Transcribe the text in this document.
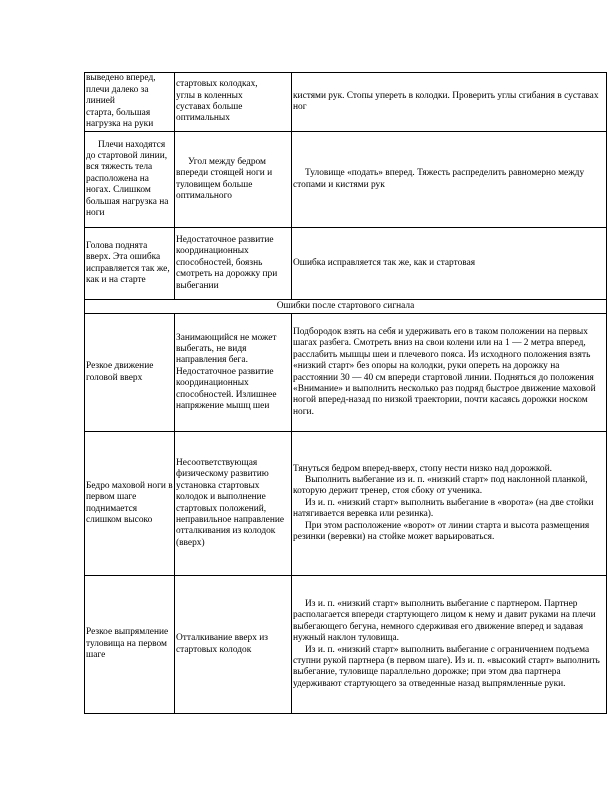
выведено вперед,
плечи далеко за
линией
старта, большая
нагрузка на руки	стартовых колодках,
углы в коленных
суставах больше
оптимальных	кистями рук. Стопы упереть в колодки. Проверить углы сгибания в суставах ног

Плечи находятся до стартовой линии, вся тяжесть тела расположена на ногах. Слишком большая нагрузка на ноги	Угол между бедром впереди стоящей ноги и туловищем больше оптимального	Туловище «подать» вперед. Тяжесть распределить равномерно между стопами и кистями рук

Голова поднята вверх. Эта ошибка исправляется так же, как и на старте	Недостаточное развитие координационных способностей, боязнь смотреть на дорожку при выбегании	Ошибка исправляется так же, как и стартовая

Ошибки после стартового сигнала		

Резкое движение головой вверх	Занимающийся не может выбегать, не видя направления бега. Недостаточное развитие координационных способностей. Излишнее напряжение мышц шеи	Подбородок взять на себя и удерживать его в таком положении на первых шагах разбега. Смотреть вниз на свои колени или на 1 — 2 метра вперед, расслабить мышцы шеи и плечевого пояса. Из исходного положения взять «низкий старт» без опоры на колодки, руки опереть на дорожку на расстоянии 30 — 40 см впереди стартовой линии. Подняться до положения «Внимание» и выполнить несколько раз подряд быстрое движение маховой ногой вперед-назад по низкой траектории, почти касаясь дорожки носком ноги.

Бедро маховой ноги в первом шаге поднимается слишком высоко	Несоответствующая физическому развитию установка стартовых колодок и выполнение стартовых положений, неправильное направление отталкивания из колодок (вверх)	Тянуться бедром вперед-вверх, стопу нести низко над дорожкой.
Выполнить выбегание из и. п. «низкий старт» под наклонной планкой, которую держит тренер, стоя сбоку от ученика.
Из и. п. «низкий старт» выполнить выбегание в «ворота» (на две стойки натягивается веревка или резинка).
При этом расположение «ворот» от линии старта и высота размещения резинки (веревки) на стойке может варьироваться.

Резкое выпрямление туловища на первом шаге	Отталкивание вверх из стартовых колодок	Из и. п. «низкий старт» выполнить выбегание с партнером. Партнер располагается впереди стартующего лицом к нему и давит руками на плечи выбегающего бегуна, немного сдерживая его движение вперед и задавая нужный наклон туловища.
Из и. п. «низкий старт» выполнить выбегание с ограничением подъема ступни рукой партнера (в первом шаге). Из и. п. «высокий старт» выполнить выбегание, туловище параллельно дорожке; при этом два партнера удерживают стартующего за отведенные назад выпрямленные руки.
